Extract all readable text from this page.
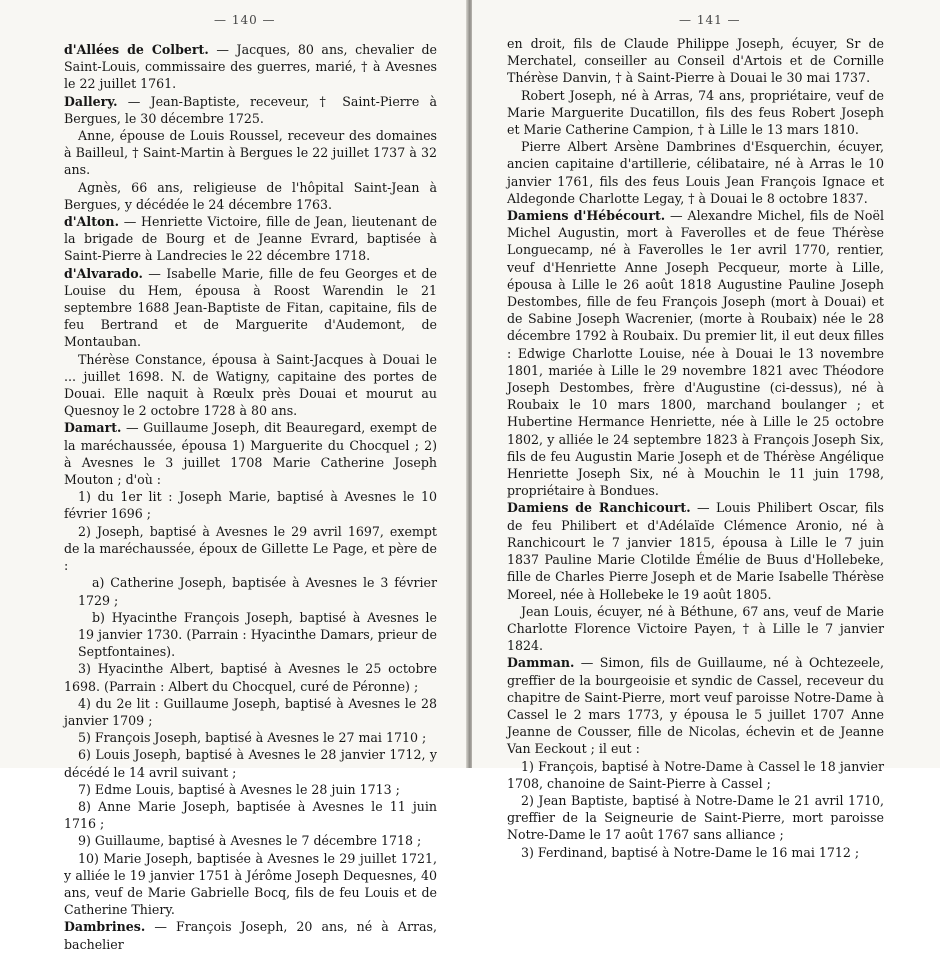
— 140 —

d'Allées de Colbert. — Jacques, 80 ans, chevalier de Saint-Louis, commissaire des guerres, marié, † à Avesnes le 22 juillet 1761.

Dallery. — Jean-Baptiste, receveur, † Saint-Pierre à Bergues, le 30 décembre 1725.

Anne, épouse de Louis Roussel, receveur des domaines à Bailleul, † Saint-Martin à Bergues le 22 juillet 1737 à 32 ans.

Agnès, 66 ans, religieuse de l'hôpital Saint-Jean à Bergues, y décédée le 24 décembre 1763.

d'Alton. — Henriette Victoire, fille de Jean, lieutenant de la brigade de Bourg et de Jeanne Evrard, baptisée à Saint-Pierre à Landrecies le 22 décembre 1718.

d'Alvarado. — Isabelle Marie, fille de feu Georges et de Louise du Hem, épousa à Roost Warendin le 21 septembre 1688 Jean-Baptiste de Fitan, capitaine, fils de feu Bertrand et de Marguerite d'Audemont, de Montauban.

Thérèse Constance, épousa à Saint-Jacques à Douai le ... juillet 1698. N. de Watigny, capitaine des portes de Douai. Elle naquit à Rœulx près Douai et mourut au Quesnoy le 2 octobre 1728 à 80 ans.

Damart. — Guillaume Joseph, dit Beauregard, exempt de la maréchaussée, épousa 1) Marguerite du Chocquel ; 2) à Avesnes le 3 juillet 1708 Marie Catherine Joseph Mouton ; d'où :

1) du 1er lit : Joseph Marie, baptisé à Avesnes le 10 février 1696 ;

2) Joseph, baptisé à Avesnes le 29 avril 1697, exempt de la maréchaussée, époux de Gillette Le Page, et père de :

a) Catherine Joseph, baptisée à Avesnes le 3 février 1729 ;

b) Hyacinthe François Joseph, baptisé à Avesnes le 19 janvier 1730. (Parrain : Hyacinthe Damars, prieur de Septfontaines).

3) Hyacinthe Albert, baptisé à Avesnes le 25 octobre 1698. (Parrain : Albert du Chocquel, curé de Péronne) ;

4) du 2e lit : Guillaume Joseph, baptisé à Avesnes le 28 janvier 1709 ;

5) François Joseph, baptisé à Avesnes le 27 mai 1710 ;

6) Louis Joseph, baptisé à Avesnes le 28 janvier 1712, y décédé le 14 avril suivant ;

7) Edme Louis, baptisé à Avesnes le 28 juin 1713 ;

8) Anne Marie Joseph, baptisée à Avesnes le 11 juin 1716 ;

9) Guillaume, baptisé à Avesnes le 7 décembre 1718 ;

10) Marie Joseph, baptisée à Avesnes le 29 juillet 1721, y alliée le 19 janvier 1751 à Jérôme Joseph Dequesnes, 40 ans, veuf de Marie Gabrielle Bocq, fils de feu Louis et de Catherine Thiery.

Dambrines. — François Joseph, 20 ans, né à Arras, bachelier

— 141 —

en droit, fils de Claude Philippe Joseph, écuyer, Sr de Merchatel, conseiller au Conseil d'Artois et de Cornille Thérèse Danvin, † à Saint-Pierre à Douai le 30 mai 1737.

Robert Joseph, né à Arras, 74 ans, propriétaire, veuf de Marie Marguerite Ducatillon, fils des feus Robert Joseph et Marie Catherine Campion, † à Lille le 13 mars 1810.

Pierre Albert Arsène Dambrines d'Esquerchin, écuyer, ancien capitaine d'artillerie, célibataire, né à Arras le 10 janvier 1761, fils des feus Louis Jean François Ignace et Aldegonde Charlotte Legay, † à Douai le 8 octobre 1837.

Damiens d'Hébécourt. — Alexandre Michel, fils de Noël Michel Augustin, mort à Faverolles et de feue Thérèse Longuecamp, né à Faverolles le 1er avril 1770, rentier, veuf d'Henriette Anne Joseph Pecqueur, morte à Lille, épousa à Lille le 26 août 1818 Augustine Pauline Joseph Destombes, fille de feu François Joseph (mort à Douai) et de Sabine Joseph Wacrenier, (morte à Roubaix) née le 28 décembre 1792 à Roubaix. Du premier lit, il eut deux filles : Edwige Charlotte Louise, née à Douai le 13 novembre 1801, mariée à Lille le 29 novembre 1821 avec Théodore Joseph Destombes, frère d'Augustine (ci-dessus), né à Roubaix le 10 mars 1800, marchand boulanger ; et Hubertine Hermance Henriette, née à Lille le 25 octobre 1802, y alliée le 24 septembre 1823 à François Joseph Six, fils de feu Augustin Marie Joseph et de Thérèse Angélique Henriette Joseph Six, né à Mouchin le 11 juin 1798, propriétaire à Bondues.

Damiens de Ranchicourt. — Louis Philibert Oscar, fils de feu Philibert et d'Adélaïde Clémence Aronio, né à Ranchicourt le 7 janvier 1815, épousa à Lille le 7 juin 1837 Pauline Marie Clotilde Émélie de Buus d'Hollebeke, fille de Charles Pierre Joseph et de Marie Isabelle Thérèse Moreel, née à Hollebeke le 19 août 1805.

Jean Louis, écuyer, né à Béthune, 67 ans, veuf de Marie Charlotte Florence Victoire Payen, † à Lille le 7 janvier 1824.

Damman. — Simon, fils de Guillaume, né à Ochtezeele, greffier de la bourgeoisie et syndic de Cassel, receveur du chapitre de Saint-Pierre, mort veuf paroisse Notre-Dame à Cassel le 2 mars 1773, y épousa le 5 juillet 1707 Anne Jeanne de Cousser, fille de Nicolas, échevin et de Jeanne Van Eeckout ; il eut :

1) François, baptisé à Notre-Dame à Cassel le 18 janvier 1708, chanoine de Saint-Pierre à Cassel ;

2) Jean Baptiste, baptisé à Notre-Dame le 21 avril 1710, greffier de la Seigneurie de Saint-Pierre, mort paroisse Notre-Dame le 17 août 1767 sans alliance ;

3) Ferdinand, baptisé à Notre-Dame le 16 mai 1712 ;
